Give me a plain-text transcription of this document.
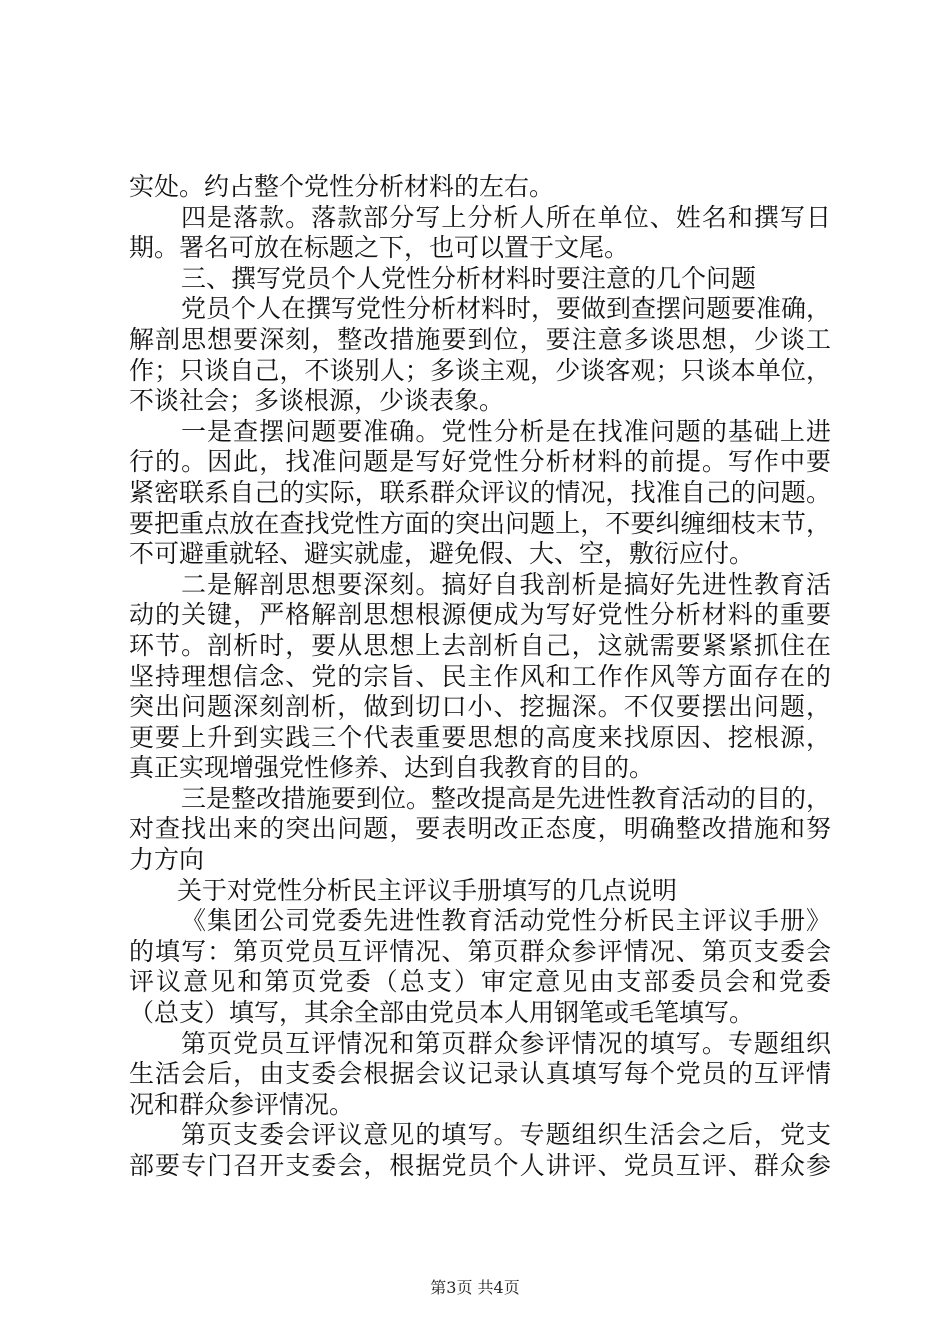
实处。约占整个党性分析材料的左右。
四是落款。落款部分写上分析人所在单位、姓名和撰写日
期。署名可放在标题之下，也可以置于文尾。
三、撰写党员个人党性分析材料时要注意的几个问题
党员个人在撰写党性分析材料时，要做到查摆问题要准确，
解剖思想要深刻，整改措施要到位，要注意多谈思想，少谈工
作；只谈自己，不谈别人；多谈主观，少谈客观；只谈本单位，
不谈社会；多谈根源，少谈表象。
一是查摆问题要准确。党性分析是在找准问题的基础上进
行的。因此，找准问题是写好党性分析材料的前提。写作中要
紧密联系自己的实际，联系群众评议的情况，找准自己的问题。
要把重点放在查找党性方面的突出问题上，不要纠缠细枝末节，
不可避重就轻、避实就虚，避免假、大、空，敷衍应付。
二是解剖思想要深刻。搞好自我剖析是搞好先进性教育活
动的关键，严格解剖思想根源便成为写好党性分析材料的重要
环节。剖析时，要从思想上去剖析自己，这就需要紧紧抓住在
坚持理想信念、党的宗旨、民主作风和工作作风等方面存在的
突出问题深刻剖析，做到切口小、挖掘深。不仅要摆出问题，
更要上升到实践三个代表重要思想的高度来找原因、挖根源，
真正实现增强党性修养、达到自我教育的目的。
三是整改措施要到位。整改提高是先进性教育活动的目的，
对查找出来的突出问题，要表明改正态度，明确整改措施和努
力方向
关于对党性分析民主评议手册填写的几点说明
《集团公司党委先进性教育活动党性分析民主评议手册》
的填写：第页党员互评情况、第页群众参评情况、第页支委会
评议意见和第页党委（总支）审定意见由支部委员会和党委
（总支）填写，其余全部由党员本人用钢笔或毛笔填写。
第页党员互评情况和第页群众参评情况的填写。专题组织
生活会后，由支委会根据会议记录认真填写每个党员的互评情
况和群众参评情况。
第页支委会评议意见的填写。专题组织生活会之后，党支
部要专门召开支委会，根据党员个人讲评、党员互评、群众参
第3页 共4页
